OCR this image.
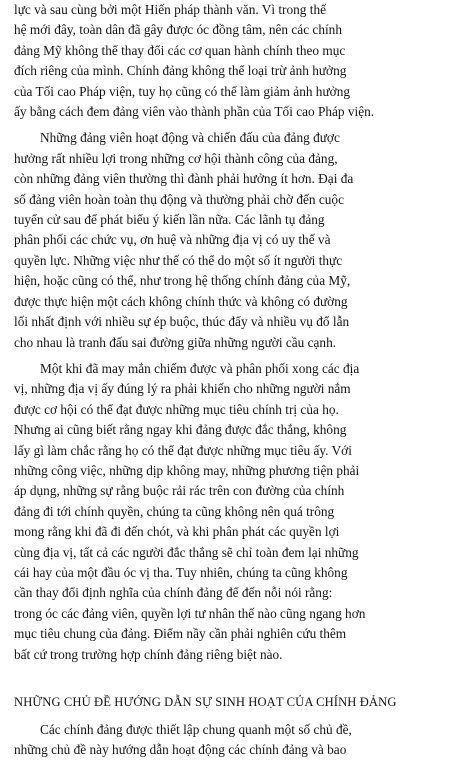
lực và sau cùng bởi một Hiến pháp thành văn. Vì trong thế
hệ mới đây, toàn dân đã gây được óc đồng tâm, nên các chính
đảng Mỹ không thể thay đổi các cơ quan hành chính theo mục
đích riêng của mình. Chính đảng không thể loại trừ ảnh hưởng
của Tối cao Pháp viện, tuy họ cũng có thể làm giảm ảnh hưởng
ấy bằng cách đem đảng viên vào thành phần của Tối cao Pháp viện.
Những đảng viên hoạt động và chiến đấu của đảng được
hưởng rất nhiều lợi trong những cơ hội thành công của đảng,
còn những đảng viên thường thì đành phải hưởng ít hơn. Đại đa
số đảng viên hoàn toàn thụ động và thường phải chờ đến cuộc
tuyển cử sau để phát biểu ý kiến lần nữa. Các lãnh tụ đảng
phân phối các chức vụ, ơn huệ và những địa vị có uy thế và
quyền lực. Những việc như thế có thể do một số ít người thực
hiện, hoặc cũng có thể, như trong hệ thống chính đảng của Mỹ,
được thực hiện một cách không chính thức và không có đường
lối nhất định với nhiều sự ép buộc, thúc đẩy và nhiều vụ đổ lẫn
cho nhau là tranh đấu sai đường giữa những người cầu cạnh.
Một khi đã may mắn chiếm được và phân phối xong các địa
vị, những địa vị ấy đúng lý ra phải khiến cho những người nắm
được cơ hội có thể đạt được những mục tiêu chính trị của họ.
Nhưng ai cũng biết rằng ngay khi đảng được đắc thắng, không
lấy gì làm chắc rằng họ có thể đạt được những mục tiêu ấy. Với
những công việc, những dịp không may, những phương tiện phải
áp dụng, những sự rằng buộc rải rác trên con đường của chính
đảng đi tới chính quyền, chúng ta cũng không nên quá trông
mong rằng khi đã đi đến chót, và khi phân phát các quyền lợi
cùng địa vị, tất cả các người đắc thắng sẽ chỉ toàn đem lại những
cái hay của một đầu óc vị tha. Tuy nhiên, chúng ta cũng không
cần thay đổi định nghĩa của chính đảng để đến nỗi nói rằng:
trong óc các đảng viên, quyền lợi tư nhân thế nào cũng ngang hơn
mục tiêu chung của đảng. Điểm nầy cần phải nghiên cứu thêm
bất cứ trong trường hợp chính đảng riêng biệt nào.
NHỮNG CHỦ ĐỀ HƯỚNG DẪN SỰ SINH HOẠT CỦA CHÍNH ĐẢNG
Các chính đảng được thiết lập chung quanh một số chủ đề,
những chủ đề này hướng dẫn hoạt động các chính đảng và bao
